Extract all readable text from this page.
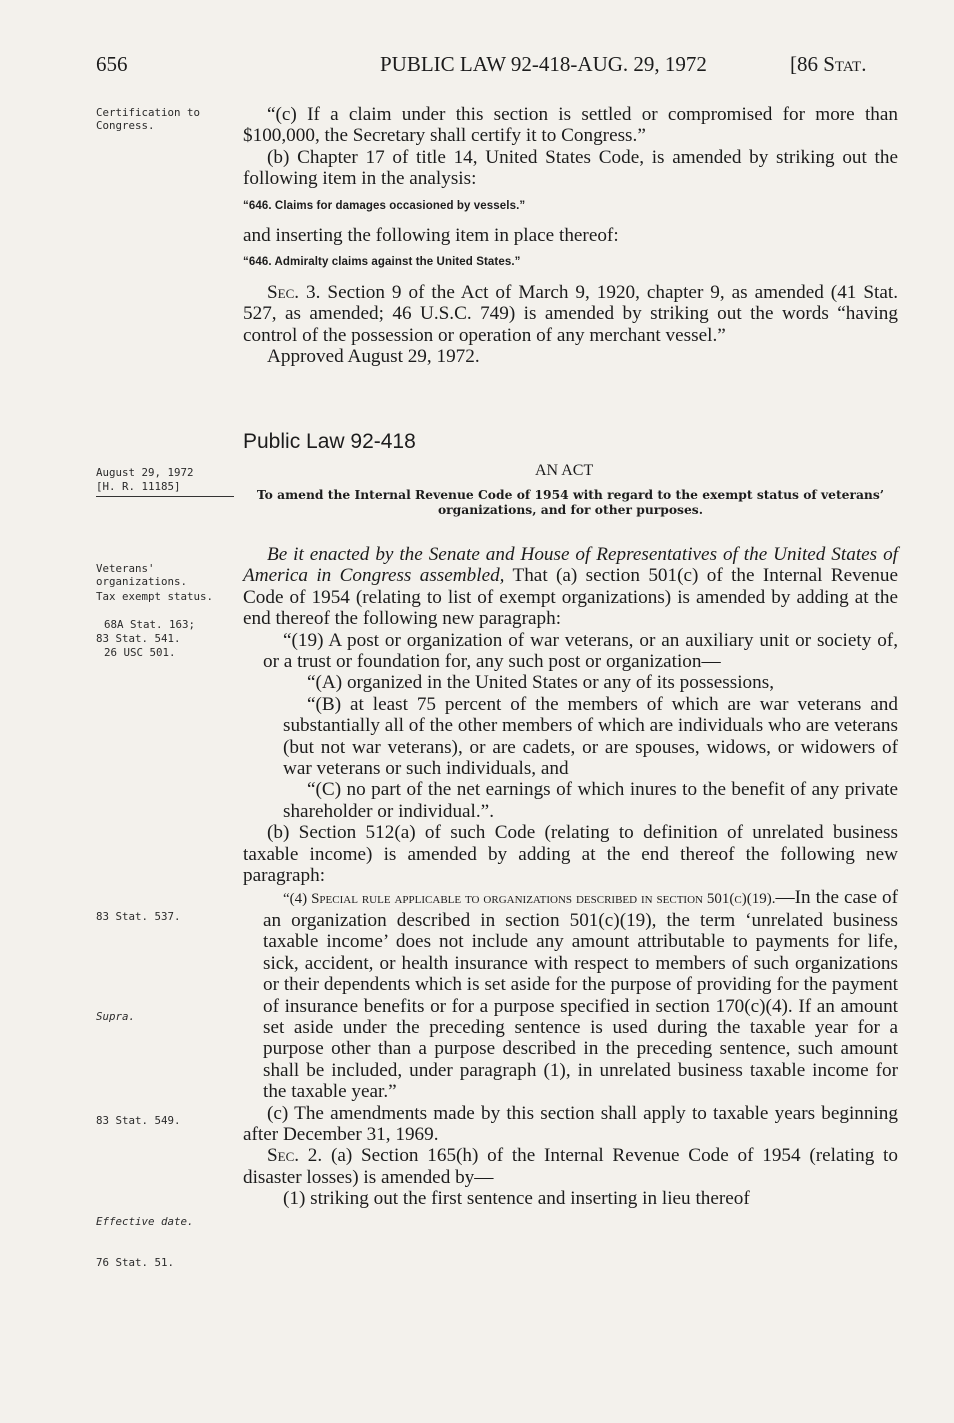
656	PUBLIC LAW 92-418-AUG. 29, 1972	[86 Stat.
Certification to Congress.
August 29, 1972
[H. R. 11185]
Veterans' organizations.
Tax exempt status.
68A Stat. 163;
83 Stat. 541.
26 USC 501.
83 Stat. 537.
Supra.
83 Stat. 549.
Effective date.
76 Stat. 51.

“(c) If a claim under this section is settled or compromised for more than $100,000, the Secretary shall certify it to Congress.”

(b) Chapter 17 of title 14, United States Code, is amended by striking out the following item in the analysis:

“646. Claims for damages occasioned by vessels.”

and inserting the following item in place thereof:

“646. Admiralty claims against the United States.”

Sec. 3. Section 9 of the Act of March 9, 1920, chapter 9, as amended (41 Stat. 527, as amended; 46 U.S.C. 749) is amended by striking out the words “having control of the possession or operation of any merchant vessel.”

Approved August 29, 1972.

Public Law 92-418
AN ACT
To amend the Internal Revenue Code of 1954 with regard to the exempt status of veterans’ organizations, and for other purposes.

Be it enacted by the Senate and House of Representatives of the United States of America in Congress assembled, That (a) section 501(c) of the Internal Revenue Code of 1954 (relating to list of exempt organizations) is amended by adding at the end thereof the following new paragraph:

“(19) A post or organization of war veterans, or an auxiliary unit or society of, or a trust or foundation for, any such post or organization—

“(A) organized in the United States or any of its possessions,

“(B) at least 75 percent of the members of which are war veterans and substantially all of the other members of which are individuals who are veterans (but not war veterans), or are cadets, or are spouses, widows, or widowers of war veterans or such individuals, and

“(C) no part of the net earnings of which inures to the benefit of any private shareholder or individual.”.

(b) Section 512(a) of such Code (relating to definition of unrelated business taxable income) is amended by adding at the end thereof the following new paragraph:

“(4) Special rule applicable to organizations described in section 501(c)(19).—In the case of an organization described in section 501(c)(19), the term ‘unrelated business taxable income’ does not include any amount attributable to payments for life, sick, accident, or health insurance with respect to members of such organizations or their dependents which is set aside for the purpose of providing for the payment of insurance benefits or for a purpose specified in section 170(c)(4). If an amount set aside under the preceding sentence is used during the taxable year for a purpose other than a purpose described in the preceding sentence, such amount shall be included, under paragraph (1), in unrelated business taxable income for the taxable year.”

(c) The amendments made by this section shall apply to taxable years beginning after December 31, 1969.

Sec. 2. (a) Section 165(h) of the Internal Revenue Code of 1954 (relating to disaster losses) is amended by—

(1) striking out the first sentence and inserting in lieu thereof
